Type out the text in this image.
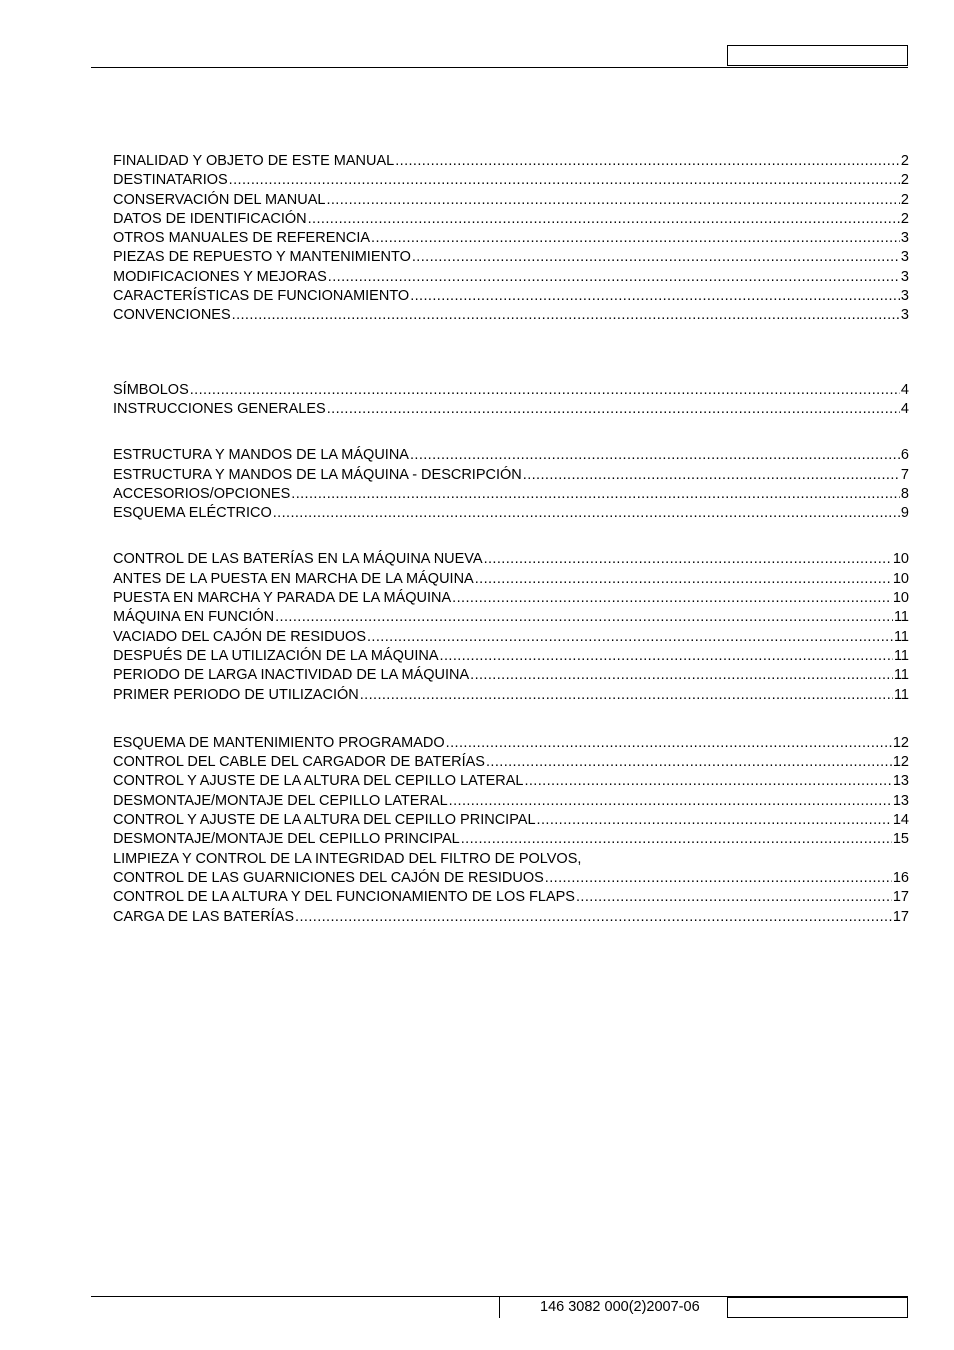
FINALIDAD Y OBJETO DE ESTE MANUAL .....	2
DESTINATARIOS .....	2
CONSERVACIÓN DEL MANUAL .....	2
DATOS DE IDENTIFICACIÓN .....	2
OTROS MANUALES DE REFERENCIA .....	3
PIEZAS DE REPUESTO Y MANTENIMIENTO .....	3
MODIFICACIONES Y MEJORAS .....	3
CARACTERÍSTICAS DE FUNCIONAMIENTO .....	3
CONVENCIONES .....	3
SÍMBOLOS .....	4
INSTRUCCIONES GENERALES .....	4
ESTRUCTURA Y MANDOS DE LA MÁQUINA .....	6
ESTRUCTURA Y MANDOS DE LA MÁQUINA - DESCRIPCIÓN .....	7
ACCESORIOS/OPCIONES .....	8
ESQUEMA ELÉCTRICO .....	9
CONTROL DE LAS BATERÍAS EN LA MÁQUINA NUEVA .....	10
ANTES DE LA PUESTA EN MARCHA DE LA MÁQUINA .....	10
PUESTA EN MARCHA Y PARADA DE LA MÁQUINA .....	10
MÁQUINA EN FUNCIÓN .....	11
VACIADO DEL CAJÓN DE RESIDUOS .....	11
DESPUÉS DE LA UTILIZACIÓN DE LA MÁQUINA .....	11
PERIODO DE LARGA INACTIVIDAD DE LA MÁQUINA .....	11
PRIMER PERIODO DE UTILIZACIÓN .....	11
ESQUEMA DE MANTENIMIENTO PROGRAMADO .....	12
CONTROL DEL CABLE DEL CARGADOR DE BATERÍAS .....	12
CONTROL Y AJUSTE DE LA ALTURA DEL CEPILLO LATERAL .....	13
DESMONTAJE/MONTAJE DEL CEPILLO LATERAL .....	13
CONTROL Y AJUSTE DE LA ALTURA DEL CEPILLO PRINCIPAL .....	14
DESMONTAJE/MONTAJE DEL CEPILLO PRINCIPAL .....	15
LIMPIEZA Y CONTROL DE LA INTEGRIDAD DEL FILTRO DE POLVOS,
CONTROL DE LAS GUARNICIONES DEL CAJÓN DE RESIDUOS .....	16
CONTROL DE LA ALTURA Y DEL FUNCIONAMIENTO DE LOS FLAPS .....	17
CARGA DE LAS BATERÍAS .....	17
146 3082 000(2)2007-06
